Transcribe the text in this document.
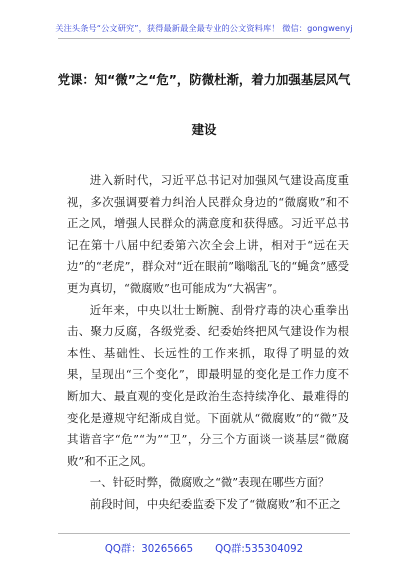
关注头条号“公文研究”，获得最新最全最专业的公文资料库！ 微信：gongwenyj
党课：知“微”之“危”，防微杜渐，着力加强基层风气
建设

进入新时代，习近平总书记对加强风气建设高度重视，多次强调要着力纠治人民群众身边的“微腐败”和不正之风，增强人民群众的满意度和获得感。习近平总书记在第十八届中纪委第六次全会上讲，相对于“远在天边”的“老虎”，群众对“近在眼前”嗡嗡乱飞的“蝇贪”感受更为真切，“微腐败”也可能成为“大祸害”。

近年来，中央以壮士断腕、刮骨疗毒的决心重拳出击、聚力反腐，各级党委、纪委始终把风气建设作为根本性、基础性、长远性的工作来抓，取得了明显的效果，呈现出“三个变化”，即最明显的变化是工作力度不断加大、最直观的变化是政治生态持续净化、最难得的变化是遵规守纪渐成自觉。下面就从“微腐败”的“微”及其谐音字“危”“为”“卫”，分三个方面谈一谈基层“微腐败”和不正之风。

一、针砭时弊，微腐败之“微”表现在哪些方面？

前段时间，中央纪委监委下发了“微腐败”和不正之

QQ群：30265665 QQ群:535304092
